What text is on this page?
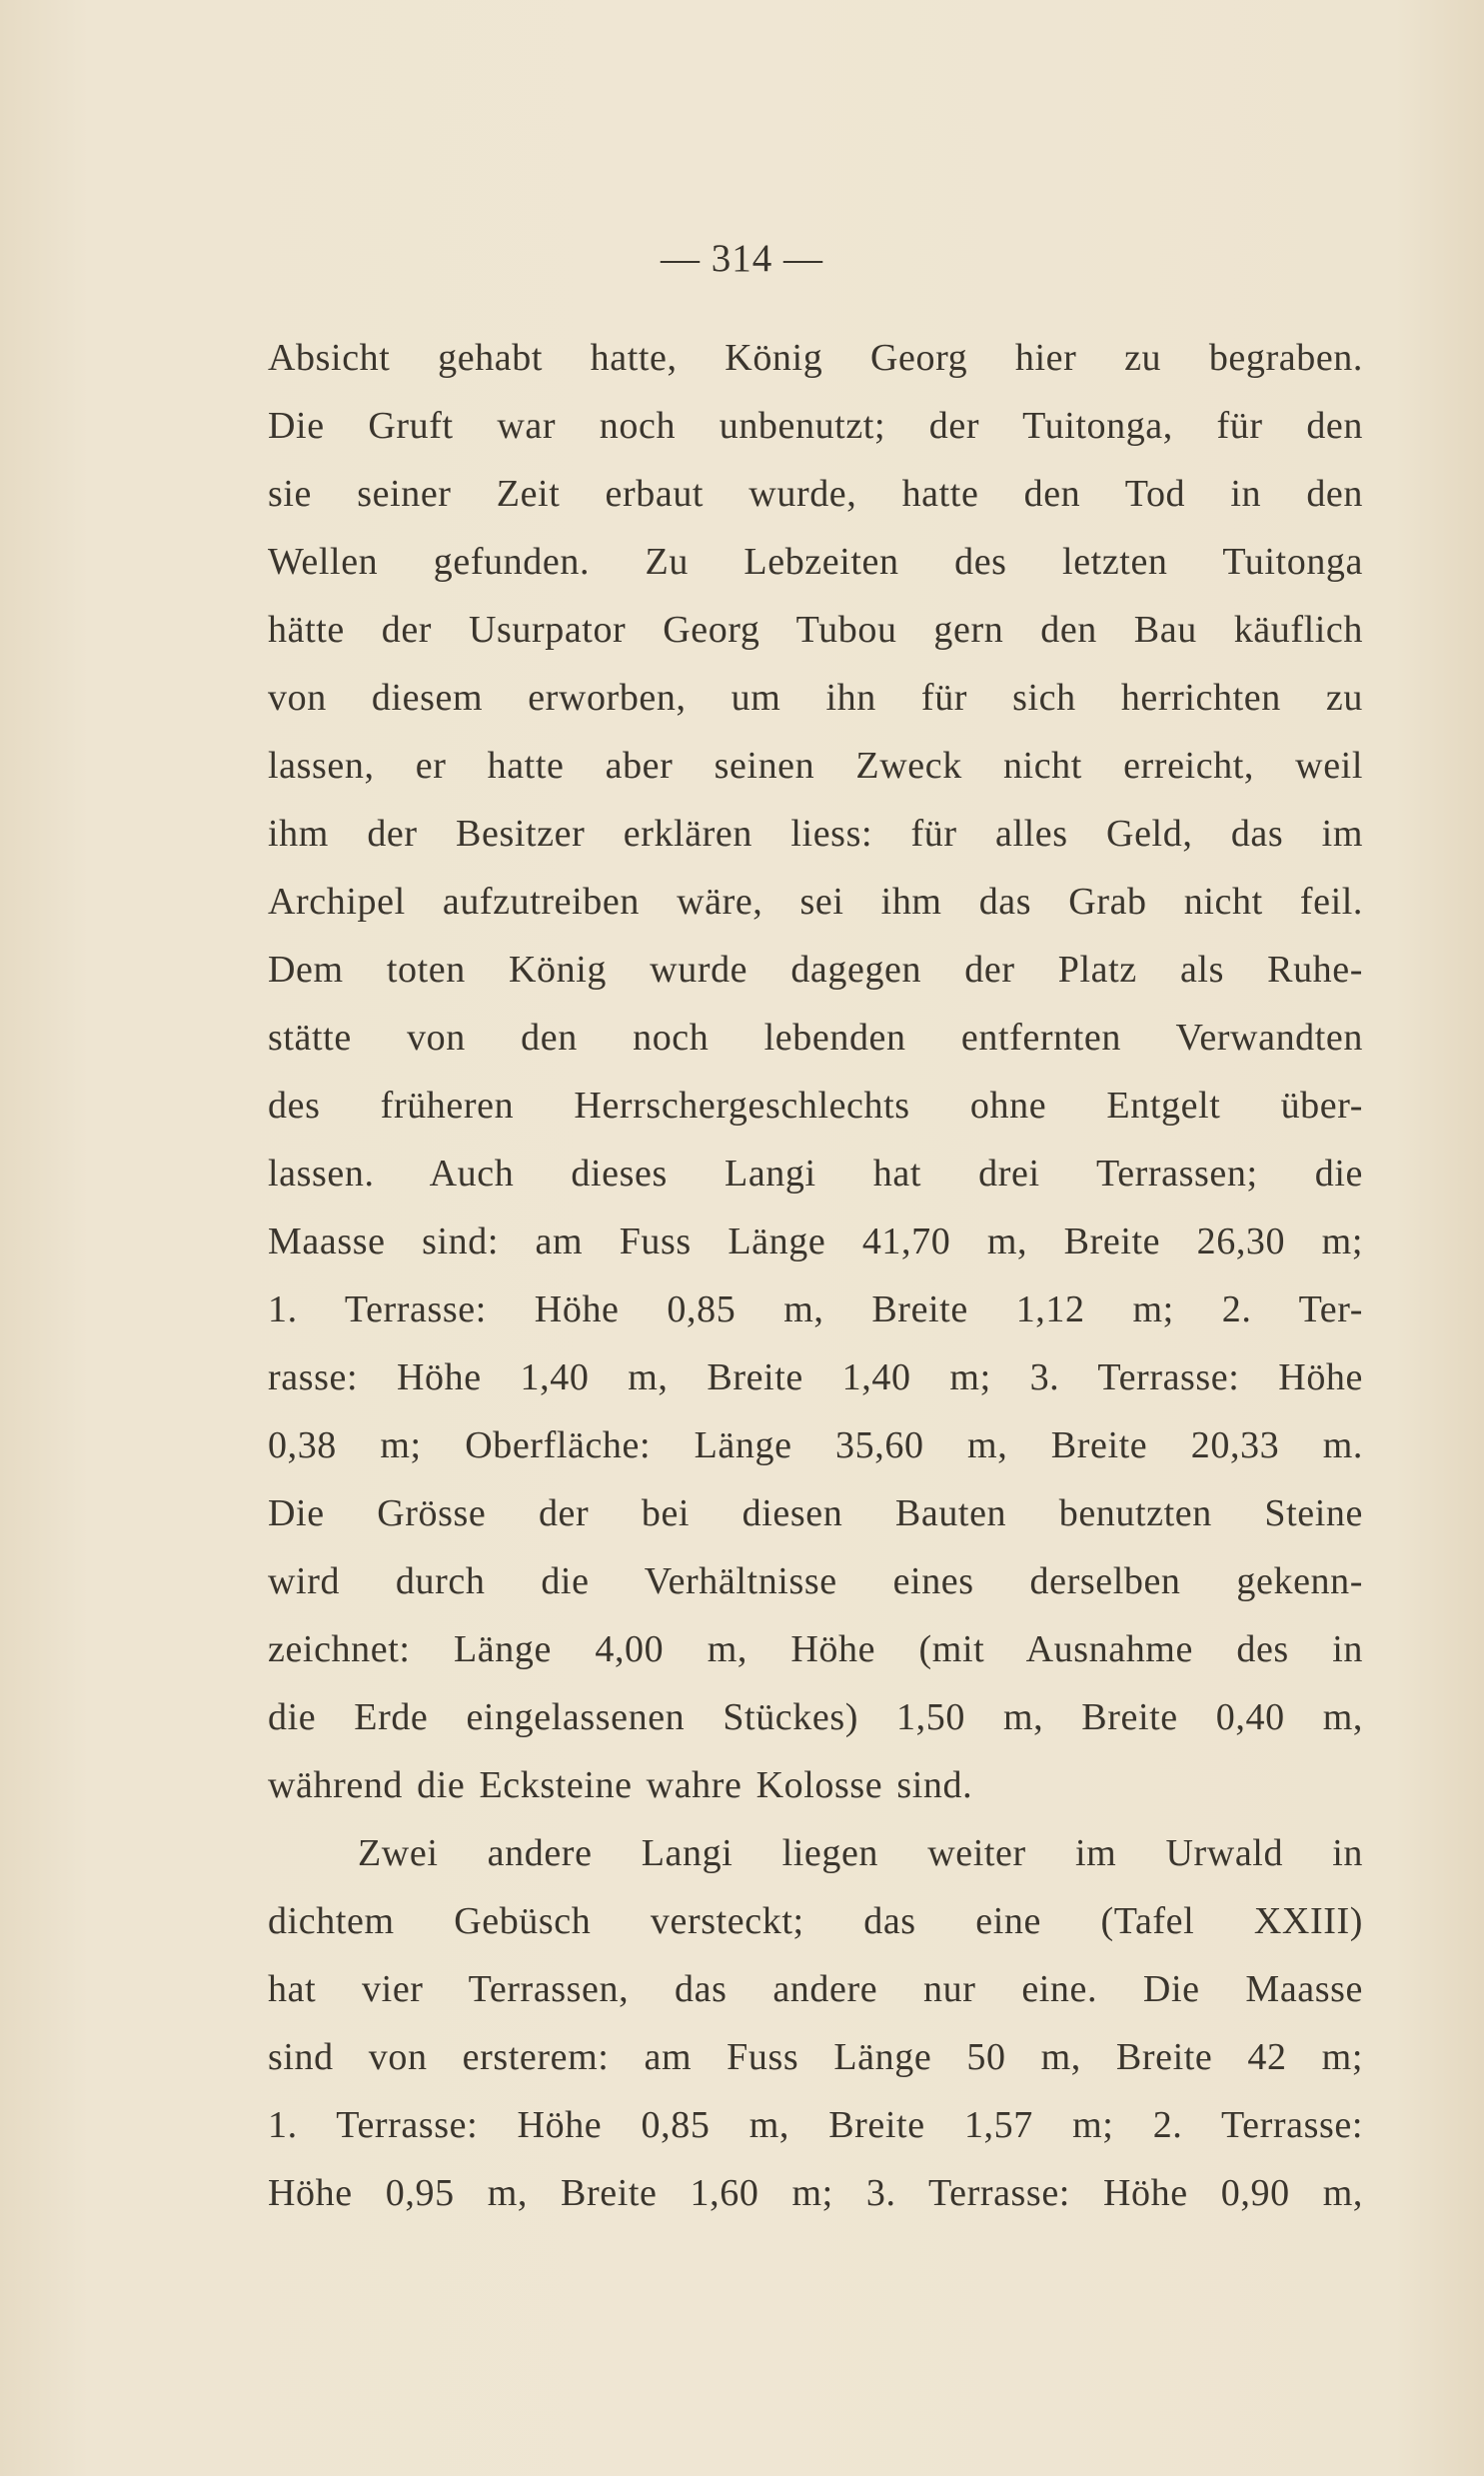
— 314 —
Absicht gehabt hatte, König Georg hier zu begraben.
Die Gruft war noch unbenutzt; der Tuitonga, für den
sie seiner Zeit erbaut wurde, hatte den Tod in den
Wellen gefunden. Zu Lebzeiten des letzten Tuitonga
hätte der Usurpator Georg Tubou gern den Bau käuflich
von diesem erworben, um ihn für sich herrichten zu
lassen, er hatte aber seinen Zweck nicht erreicht, weil
ihm der Besitzer erklären liess: für alles Geld, das im
Archipel aufzutreiben wäre, sei ihm das Grab nicht feil.
Dem toten König wurde dagegen der Platz als Ruhe-
stätte von den noch lebenden entfernten Verwandten
des früheren Herrschergeschlechts ohne Entgelt über-
lassen. Auch dieses Langi hat drei Terrassen; die
Maasse sind: am Fuss Länge 41,70 m, Breite 26,30 m;
1. Terrasse: Höhe 0,85 m, Breite 1,12 m; 2. Ter-
rasse: Höhe 1,40 m, Breite 1,40 m; 3. Terrasse: Höhe
0,38 m; Oberfläche: Länge 35,60 m, Breite 20,33 m.
Die Grösse der bei diesen Bauten benutzten Steine
wird durch die Verhältnisse eines derselben gekenn-
zeichnet: Länge 4,00 m, Höhe (mit Ausnahme des in
die Erde eingelassenen Stückes) 1,50 m, Breite 0,40 m,
während die Ecksteine wahre Kolosse sind.
Zwei andere Langi liegen weiter im Urwald in
dichtem Gebüsch versteckt; das eine (Tafel XXIII)
hat vier Terrassen, das andere nur eine. Die Maasse
sind von ersterem: am Fuss Länge 50 m, Breite 42 m;
1. Terrasse: Höhe 0,85 m, Breite 1,57 m; 2. Terrasse:
Höhe 0,95 m, Breite 1,60 m; 3. Terrasse: Höhe 0,90 m,
